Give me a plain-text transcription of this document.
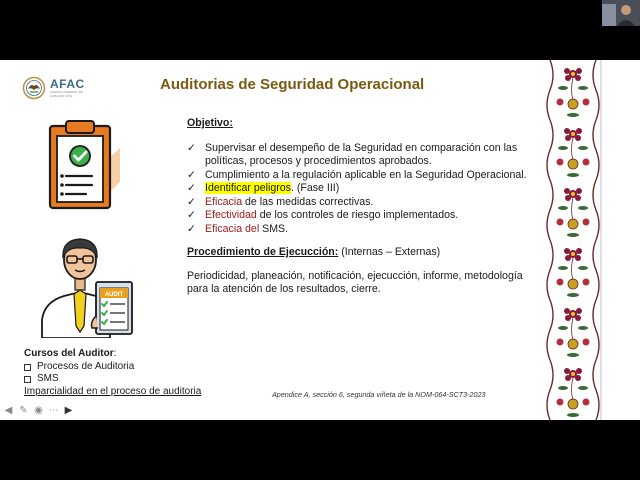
AFAC
AGENCIA FEDERAL DE AVIACIÓN CIVIL
Auditorias de Seguridad Operacional
AUDIT
Objetivo:
✓ Supervisar el desempeño de la Seguridad en comparación con las políticas, procesos y procedimientos aprobados.
✓ Cumplimiento a la regulación aplicable en la Seguridad Operacional.
✓ Identificar peligros. (Fase III)
✓ Eficacia de las medidas correctivas.
✓ Efectividad de los controles de riesgo implementados.
✓ Eficacia del SMS.
Procedimiento de Ejecucción: (Internas – Externas)
Periodicidad, planeación, notificación, ejecucción, informe, metodología para la atención de los resultados, cierre.
Cursos del Auditor:
Procesos de Auditoria
SMS
Imparcialidad en el proceso de auditoria	Apendice A, sección 6, segunda viñeta de la NOM-064-SCT3-2023
◀ ✎ ◉ ⋯ ▶
